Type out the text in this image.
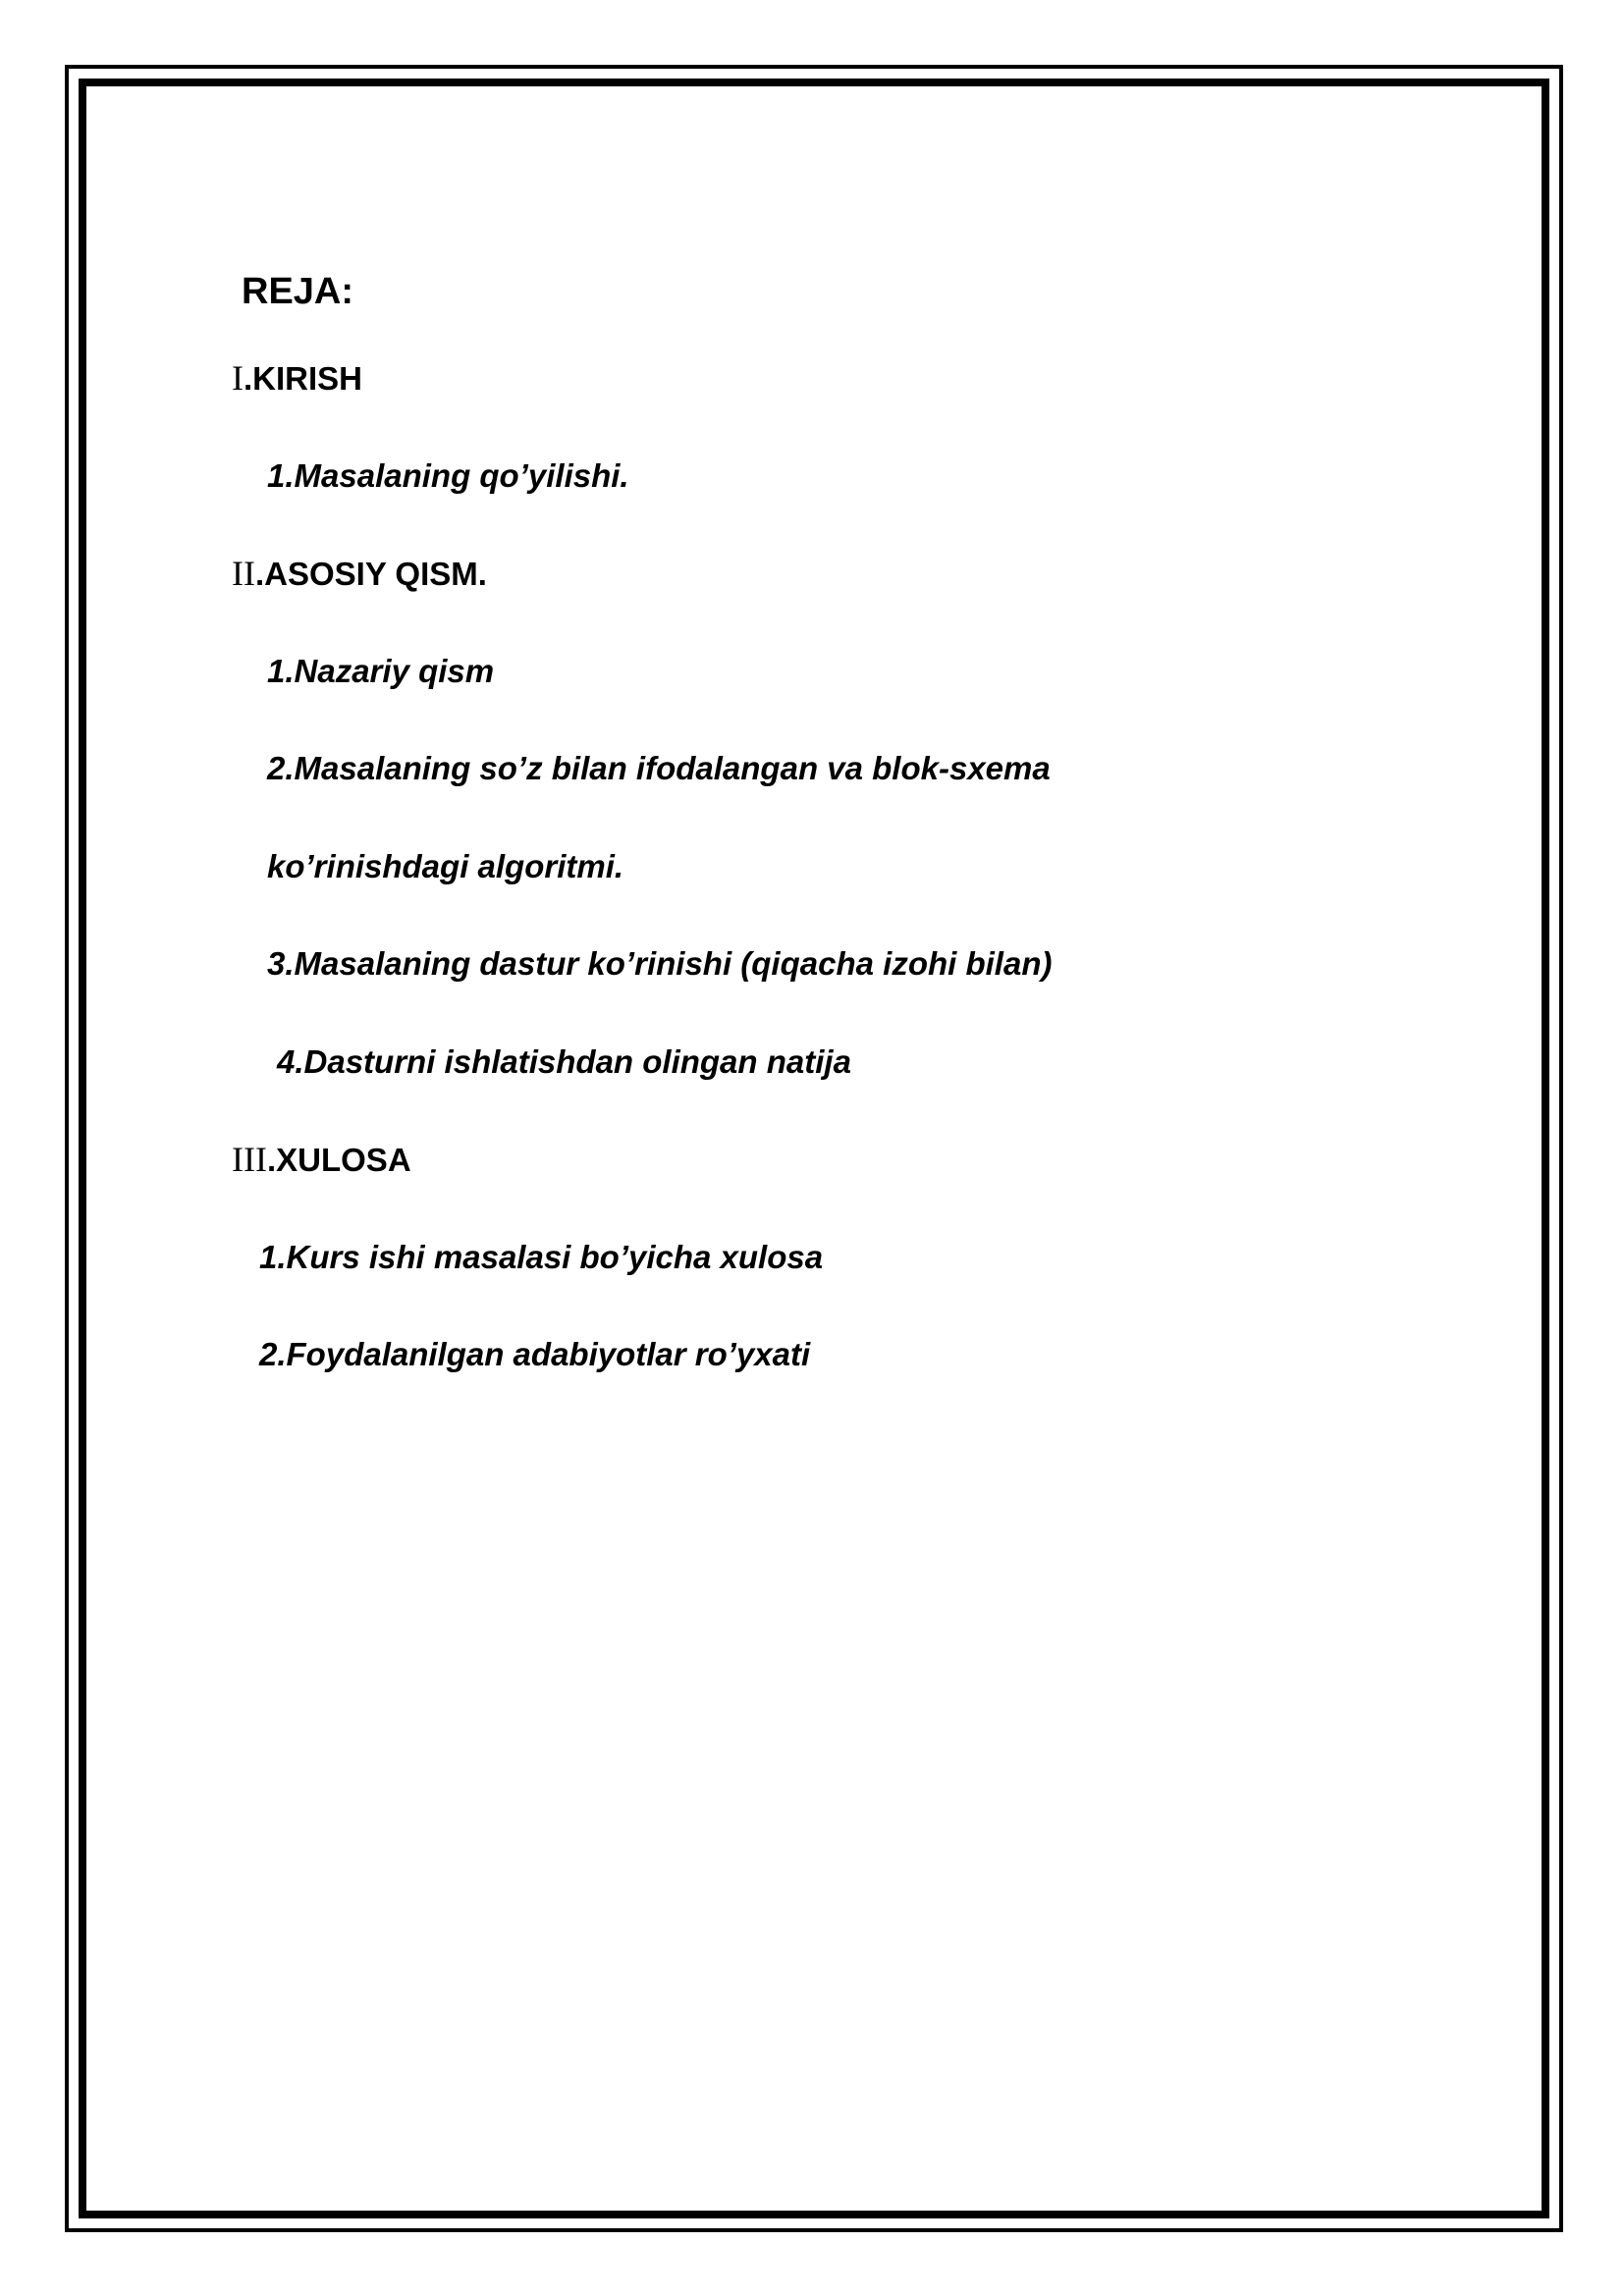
REJA:
I.KIRISH
1.Masalaning qo’yilishi.
II.ASOSIY QISM.
1.Nazariy qism
2.Masalaning so’z bilan ifodalangan va blok-sxema
ko’rinishdagi algoritmi.
3.Masalaning dastur ko’rinishi (qiqacha izohi bilan)
4.Dasturni ishlatishdan olingan natija
III.XULOSA
1.Kurs ishi masalasi bo’yicha xulosa
2.Foydalanilgan adabiyotlar ro’yxati
